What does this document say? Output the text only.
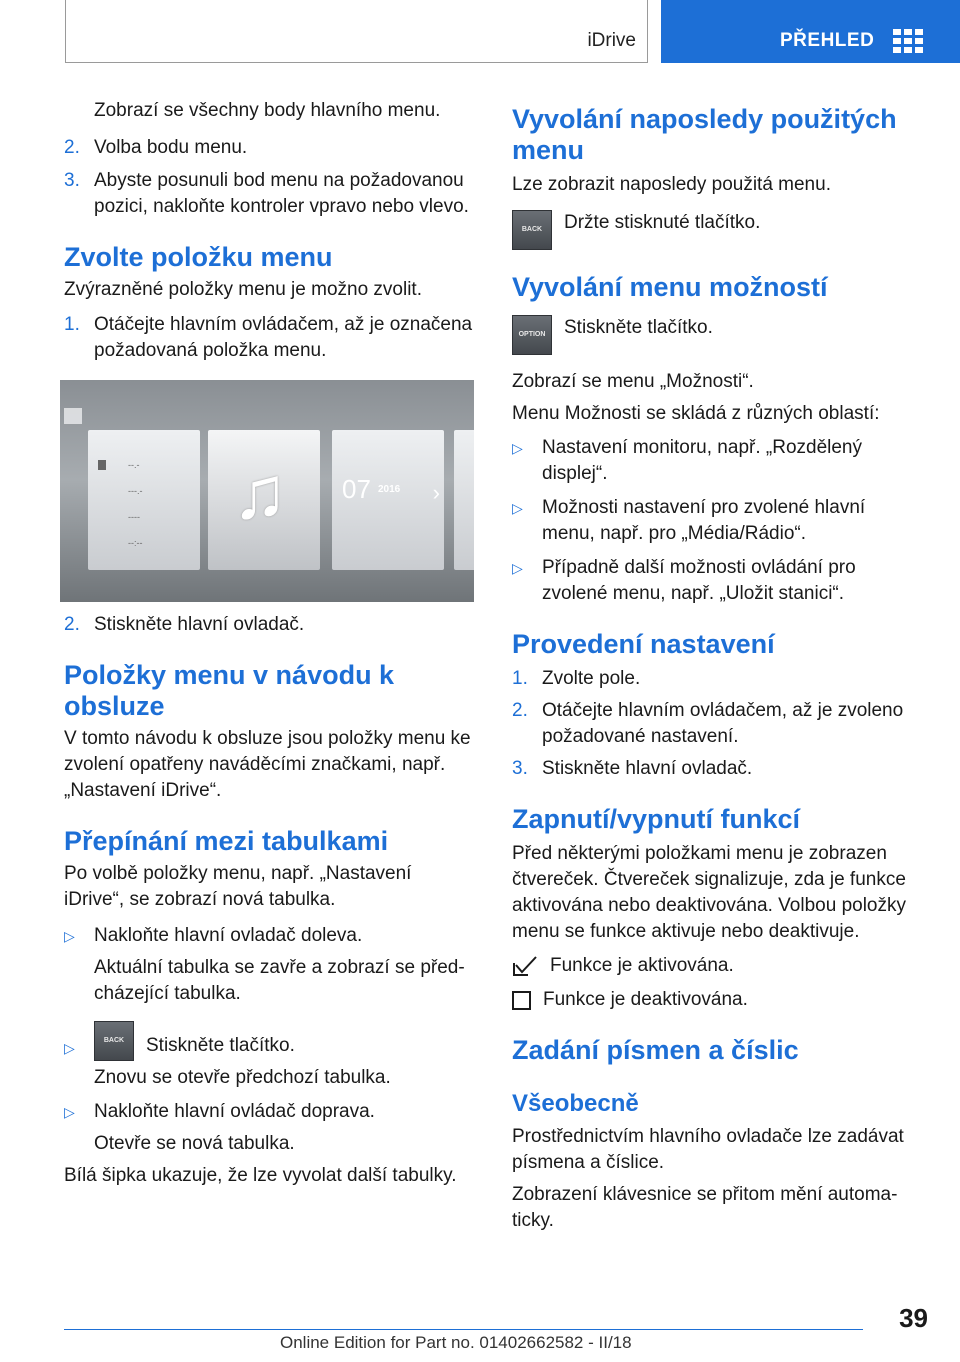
iDrive	PŘEHLED

Zobrazí se všechny body hlavního menu.

2. Volba bodu menu.
3. Abyste posunuli bod menu na požadovanou pozici, nakloňte kontroler vpravo nebo vlevo.
Zvolte položku menu

Zvýrazněné položky menu je možno zvolit.

1. Otáčejte hlavním ovládačem, až je označena požadovaná položka menu.
--.-
---.-
----
--:--
♫ 07 2016 ›
2. Stiskněte hlavní ovladač.
Položky menu v návodu k obsluze

V tomto návodu k obsluze jsou položky menu ke zvolení opatřeny naváděcími značkami, např. „Nastavení iDrive“.

Přepínání mezi tabulkami

Po volbě položky menu, např. „Nastavení iDrive“, se zobrazí nová tabulka.

▷ Nakloňte hlavní ovladač doleva.

Aktuální tabulka se zavře a zobrazí se předcházející tabulka.

▷	BACK	Stiskněte tlačítko.

Znovu se otevře předchozí tabulka.

▷ Nakloňte hlavní ovládač doprava.

Otevře se nová tabulka.

Bílá šipka ukazuje, že lze vyvolat další tabulky.

Vyvolání naposledy použitých menu

Lze zobrazit naposledy použitá menu.

BACK	Držte stisknuté tlačítko.
Vyvolání menu možností
OPTION Stiskněte tlačítko.

Zobrazí se menu „Možnosti“.

Menu Možnosti se skládá z různých oblastí:

▷ Nastavení monitoru, např. „Rozdělený displej“.
▷ Možnosti nastavení pro zvolené hlavní menu, např. pro „Média/Rádio“.
▷ Případně další možnosti ovládání pro zvolené menu, např. „Uložit stanici“.
Provedení nastavení
1. Zvolte pole.
2. Otáčejte hlavním ovládačem, až je zvoleno požadované nastavení.
3. Stiskněte hlavní ovladač.
Zapnutí/vypnutí funkcí

Před některými položkami menu je zobrazen čtvereček. Čtvereček signalizuje, zda je funkce aktivována nebo deaktivována. Volbou položky menu se funkce aktivuje nebo deaktivuje.

Funkce je aktivována.
Funkce je deaktivována.
Zadání písmen a číslic
Všeobecně

Prostřednictvím hlavního ovladače lze zadávat písmena a číslice.

Zobrazení klávesnice se přitom mění automaticky.

39
Online Edition for Part no. 01402662582 - II/18
